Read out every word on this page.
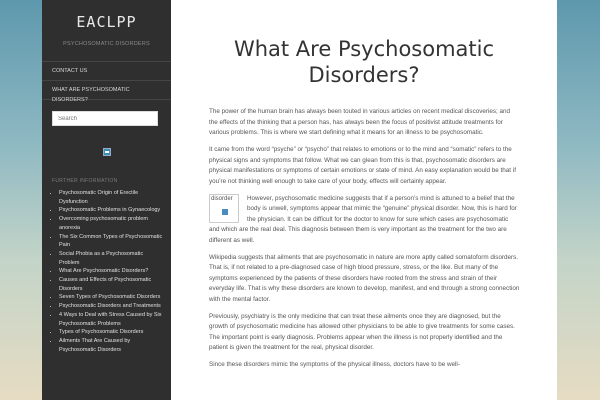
EACLPP
PSYCHOSOMATIC DISORDERS
CONTACT US
WHAT ARE PSYCHOSOMATIC DISORDERS?
Search
FURTHER INFORMATION
• Psychosomatic Origin of Erectile Dysfunction
• Psychosomatic Problems in Gynaecology
• Overcoming psychosomatic problem anorexia
• The Six Common Types of Psychosomatic Pain
• Social Phobia as a Psychosomatic Problem
• What Are Psychosomatic Disorders?
• Causes and Effects of Psychosomatic Disorders
• Seven Types of Psychosomatic Disorders
• Psychosomatic Disorders and Treatments
• 4 Ways to Deal with Stress Caused by Six Psychosomatic Problems
• Types of Psychosomatic Disorders
• Ailments That Are Caused by Psychosomatic Disorders
What Are Psychosomatic Disorders?

The power of the human brain has always been touted in various articles on recent medical discoveries; and the effects of the thinking that a person has, has always been the focus of positivist attitude treatments for various problems. This is where we start defining what it means for an illness to be psychosomatic.

It came from the word “psyche” or “psycho” that relates to emotions or to the mind and “somatic” refers to the physical signs and symptoms that follow. What we can glean from this is that, psychosomatic disorders are physical manifestations or symptoms of certain emotions or state of mind. An easy explanation would be that if you’re not thinking well enough to take care of your body, effects will certainly appear.

disorder	However, psychosomatic medicine suggests that if a person’s mind is attuned to a belief that the body is unwell, symptoms appear that mimic the “genuine” physical disorder. Now, this is hard for the physician. It can be difficult for the doctor to know for sure which cases are psychosomatic and which are the real deal. This diagnosis between them is very important as the treatment for the two are different as well.

Wikipedia suggests that ailments that are psychosomatic in nature are more aptly called somatoform disorders. That is, if not related to a pre-diagnosed case of high blood pressure, stress, or the like. But many of the symptoms experienced by the patients of these disorders have rooted from the stress and strain of their everyday life. That is why these disorders are known to develop, manifest, and end through a strong connection with the mental factor.

Previously, psychiatry is the only medicine that can treat these ailments once they are diagnosed, but the growth of psychosomatic medicine has allowed other physicians to be able to give treatments for some cases. The important point is early diagnosis. Problems appear when the illness is not properly identified and the patient is given the treatment for the real, physical disorder.

Since these disorders mimic the symptoms of the physical illness, doctors have to be well-
